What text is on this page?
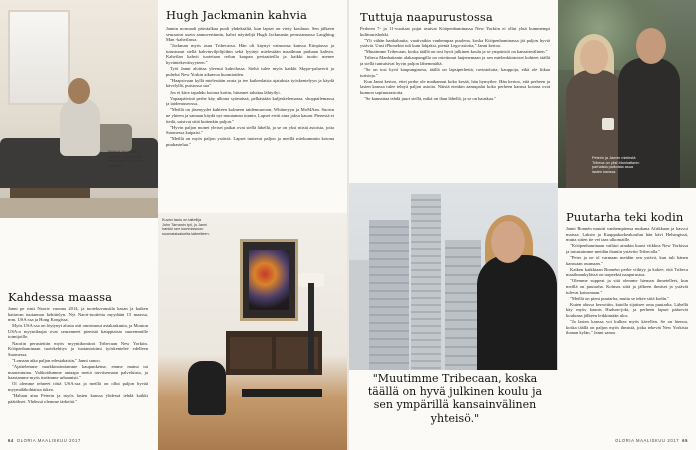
Pelkkiä ikkunoita ja ihmisiä. Janni nauttii hetkestä olohuoneen sohvalla.
Hugh Jackmanin kahvia

Jannin normaali päiväalkaa puoli yhdeksältä, kun lapset on viety kouluun. Sen jälkeen seuraavat usein aamuvertinnin, kahvi näyttelijä Hugh Jackmanin perustamassa Laughing Man -kahvilassa.

"Jackman myös asuu Tribecassa. Hän oli käynyt vaimonsa kanssa Etiopiassa ja tutustunut siellä kahvinviljelijöihin sekä lyytnyt mielestään maailman parhaan kahvin. Kahvilan kahvit tuotetaan reilun kaupan periaatteilla ja kaikki tuotto menee hyväntekeväisyyteen."

Työt Janni aloittaa yleensä kahvilassa. Sieltä tulee myös kaikki Skype-palaverit ja puhelut New Yorkin aikaeroa huomioiden.

"Haapsivaan kyllä mielestään avata ja tee kaikenlaisia ajatuksia työskentelyyn ja käydä kävelyllä, puistossa saa"

Jos ei kiire tapahdu kotona kotiin, hiiunnet taluttaa lähtyilyi.

Vapaapäivinä perhe käy ulkona syömässä, pelkästään kuljeskelemassa, shoppailemassa ja taidemuseossa.

"Meillä on jäsenyydet kahteen kolmeen taidemuseoon, Whitneyyn ja MoMAan. Suosin ne yhteen ja samaan käydä nyt muutaman tunnin. Lapset eivät aina jaksa kauan. Pienestä ei tiedä, saisivat siitä kuitenkin paljon."

"Hyvin paljon monet yleiset paikat ovat siellä lähellä, ja se on yksi niistä asioista, joita Suomessa kaipaisi."

"Meillä on myös paljon ystäviä. Lapset tuntevat paljon ja meillä mieluummin kotona puuhastelua."

Kahdessa maassa

Janni pe rusti Naoriv vuonna 2014, ja tuotekuvaustila kasan ja kaiken kattavan tuotannon kehittelyn. Nyt Naori-tuotteita myydään 15 maassa, mm. USA:ssa ja Hong Kongissa.

Myös USA:ssa on löytynyt alusta asti onnistunut asiakaskunta, ja Mouton USA:n myyntilaajat ovat seuranneet pienistä kauppiaista suuremmille toimijoille.

Naoriin perustettiin myös myyntikonttori Tribecaan New Yorkiin. Kööpenhaminaan tuotekehitys ja tuotantotiimi työskentelee edelleen Suomessa.

"Lomaan aika paljon edestakaisin," Janni sanoo.

"Ajattelemme markkinointiamme kaupunkeina, emme maina tai maaseutuina. Valikoidumme antaapa meitä tarvitsemaan palveluista, ja haastamme myös itseämme urbaanisti."

Ol olemme tehneet töitä USA:ssa ja meillä on ollut paljon hyvää myymäläkohtaista tukea.

"Haluan aina Peterin ja myös lasten kanssa yhdessä tehdä kaikki päätökset. Yhdessä olemme tärkeitä."

Kuvan taulu on taiteilija John Tarnanin työ, jo Janni hankki sen kommissioon suomalaisaluelta taiteelleen.
64 GLORIA MAALISKUU 2017
Tuttuja naapurustossa

Perheen 7- ja 11-vuotiaat pojat asuivat Kööpenhaminassa New Yorkiin ei ollut yhtä kummempi kulttuurishokki.

"Yli vähän hankaluutta, vaativatkin vanhempaa puolena, koska Kööpenhaminassa jäi paljon hyviä ystäviä. Uusi iPhonekin tuli kuin lahjaksi, pieniä Lego-asioita," Janni kertoo.

"Muutimme Tribecaan, koska täällä on tosi hyvä julkinen koulu ja se ympäristö on kansainvälinen."

Tribeca Manhattanin alakaupungilla on ostettunut laajenemaan ja sen mielenkiintoiset kohteet täällä ja siellä tuntuisivat hyvin paljon lähemmältä.

"Se on tosi hyvä kaupunginosa, täällä on lapsiperheitä, ravintoloita, kauppoja, eikä ole liikaa turisteja."

Kun Janni kertoo, ettei perhe ole matkannut koko kesää, hän hymyilee. Hän kertoo, että perheen ja lasten kanssa tulee tehtyä paljon asioita. Näistä etenkin aamupalat koko perheen kanssa kotona ovat kunnon sopimusasioita.

"Se kannattaa tehdä juuri siellä, mikä on ihan lähellä, ja se on hauskaa."

Peterin ja Jannin mielestä Tribeca on yksi Manhattanin parhaista paikoista asua lasten kanssa.
"Muutimme Tribecaan, koska täällä on hyvä julkinen koulu ja sen ympärillä kansainvälinen yhteisö."
Puutarha teki kodin

Janni Bonnén muutti vanhempiensa mukana Afrikkaan ja kasvoi maissa. Laksin ja Kauppakorkeakoulun hän kävi Helsingissä, mutta sitten tie vei taas ulkomaille.

"Kööpenhaminaan vaihtoi ainakin kuusi viikkoa New Yorkissa ja tutustuimme meidän ihaniin ystäviin Tribecalla."

"Peter ja ne ol varmaan meidän sen ystävä, kun tuli hänen kanssaan asumaan."

Kaiken kaikkiaan Bonnéut perhe viihtyy ja kokee, että Tribeca maailmankylässä on tarpeeksi naapurustoa.

"Olemme suppeat ja sitä olemme hieman ihmetelleet, kun meillä on puutarha. Kolmas siitä ja jälkeen ihmiset ja ystävät tulevat katsomaan."

"Meillä on pieni puutarha, mutta se tekee siitä kodin."

Kuten alussa kerrottiin, katolla sijaitsee oma puutarha. Lähellä käy myös kaunis Hudson-joki, ja perheen lapset pääsevät koulunsa jälkeen leikkimään ulos.

"Ja lasten kanssa voi kulkea myös kävellen. Se on hienoa, koska täällä on paljon myös ihmisiä, jotka tekevät New Yorkista ihanan kylän," Janni sanoo.

GLORIA MAALISKUU 2017 65
